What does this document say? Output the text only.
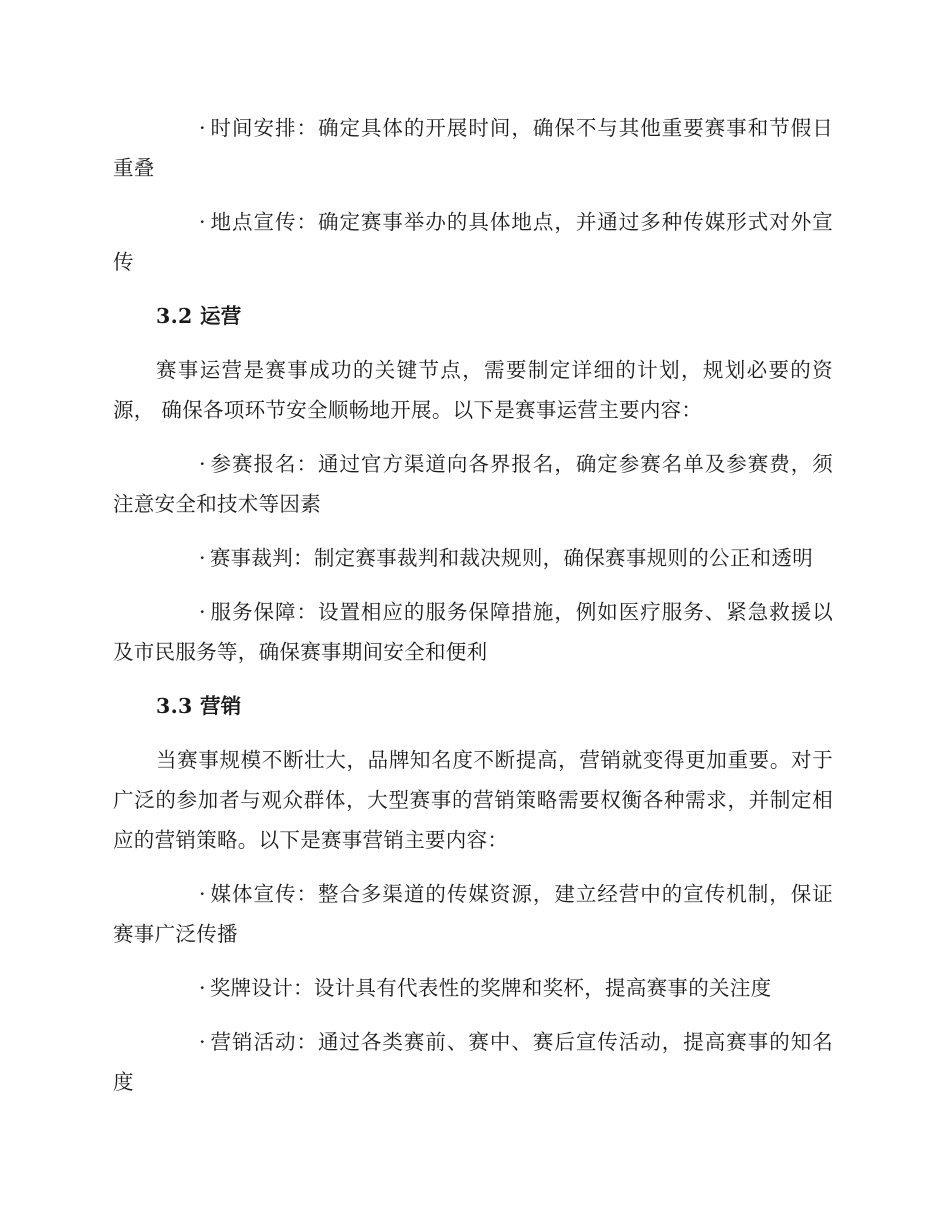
· 时间安排：确定具体的开展时间，确保不与其他重要赛事和节假日重叠

· 地点宣传：确定赛事举办的具体地点，并通过多种传媒形式对外宣传

3.2 运营

赛事运营是赛事成功的关键节点，需要制定详细的计划，规划必要的资源， 确保各项环节安全顺畅地开展。以下是赛事运营主要内容：

· 参赛报名：通过官方渠道向各界报名，确定参赛名单及参赛费，须注意安全和技术等因素

· 赛事裁判：制定赛事裁判和裁决规则，确保赛事规则的公正和透明

· 服务保障：设置相应的服务保障措施，例如医疗服务、紧急救援以及市民服务等，确保赛事期间安全和便利

3.3 营销

当赛事规模不断壮大，品牌知名度不断提高，营销就变得更加重要。对于广泛的参加者与观众群体，大型赛事的营销策略需要权衡各种需求，并制定相应的营销策略。以下是赛事营销主要内容：

· 媒体宣传：整合多渠道的传媒资源，建立经营中的宣传机制，保证赛事广泛传播

· 奖牌设计：设计具有代表性的奖牌和奖杯，提高赛事的关注度

· 营销活动：通过各类赛前、赛中、赛后宣传活动，提高赛事的知名度
